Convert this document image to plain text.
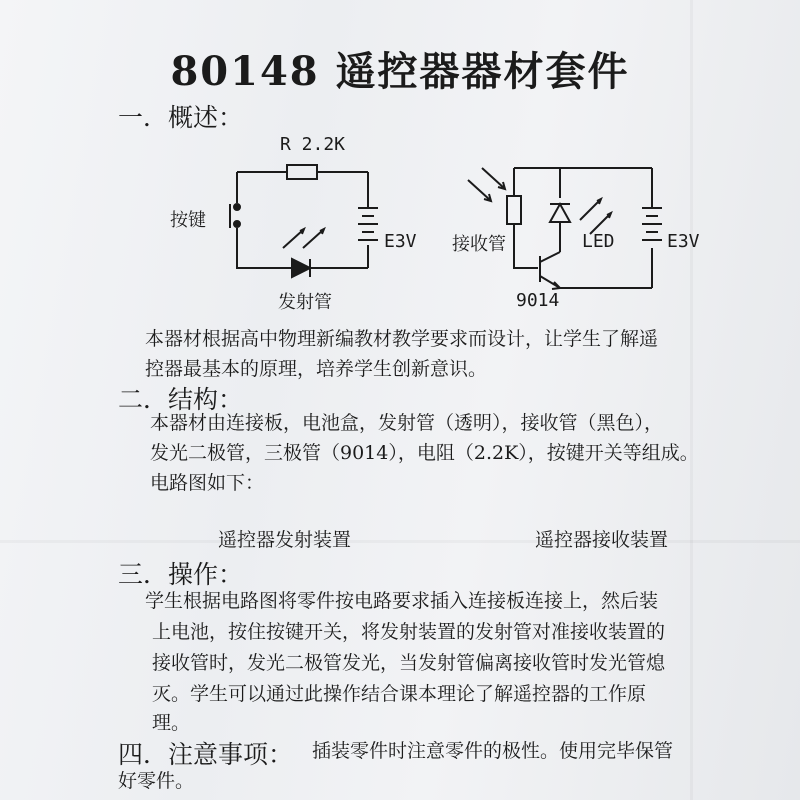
80148 遥控器器材套件
一．概述：
R 2.2K
按键
E3V
发射管
接收管	LED	E3V
9014
本器材根据高中物理新编教材教学要求而设计，让学生了解遥
控器最基本的原理，培养学生创新意识。
二．结构：
本器材由连接板，电池盒，发射管（透明），接收管（黑色），
发光二极管，三极管（9014），电阻（2.2K），按键开关等组成。
电路图如下：
遥控器发射装置	遥控器接收装置
三．操作：
学生根据电路图将零件按电路要求插入连接板连接上，然后装
上电池，按住按键开关，将发射装置的发射管对准接收装置的
接收管时，发光二极管发光，当发射管偏离接收管时发光管熄
灭。学生可以通过此操作结合课本理论了解遥控器的工作原
理。
四．注意事项： 插装零件时注意零件的极性。使用完毕保管
好零件。
